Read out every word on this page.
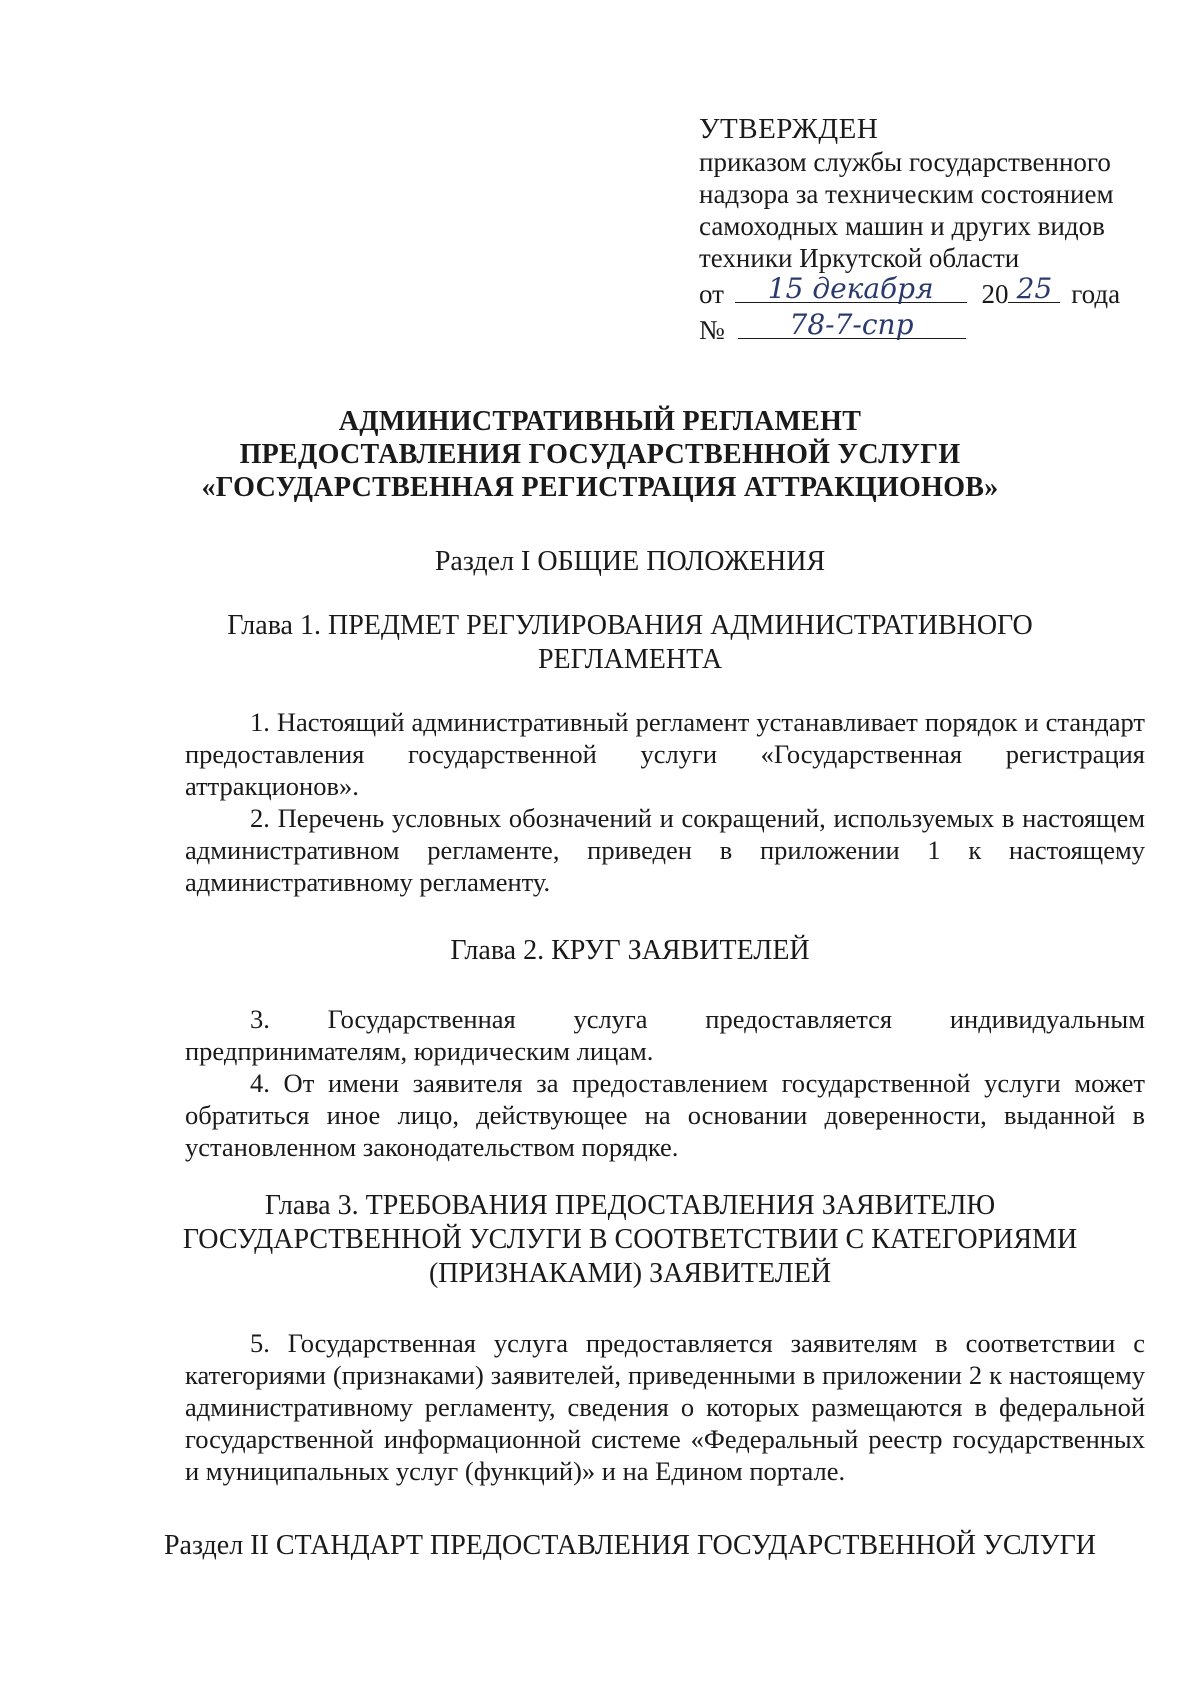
УТВЕРЖДЕН
приказом службы государственного
надзора за техническим состоянием
самоходных машин и других видов
техники Иркутской области
от	15 декабря	20 25 года
№	78-7-спр
АДМИНИСТРАТИВНЫЙ РЕГЛАМЕНТ
ПРЕДОСТАВЛЕНИЯ ГОСУДАРСТВЕННОЙ УСЛУГИ
«ГОСУДАРСТВЕННАЯ РЕГИСТРАЦИЯ АТТРАКЦИОНОВ»
Раздел I ОБЩИЕ ПОЛОЖЕНИЯ
Глава 1. ПРЕДМЕТ РЕГУЛИРОВАНИЯ АДМИНИСТРАТИВНОГО
РЕГЛАМЕНТА

1. Настоящий административный регламент устанавливает порядок и стандарт предоставления государственной услуги «Государственная регистрация аттракционов».

2. Перечень условных обозначений и сокращений, используемых в настоящем административном регламенте, приведен в приложении 1 к настоящему административному регламенту.

Глава 2. КРУГ ЗАЯВИТЕЛЕЙ

3. Государственная услуга предоставляется индивидуальным предпринимателям, юридическим лицам.

4. От имени заявителя за предоставлением государственной услуги может обратиться иное лицо, действующее на основании доверенности, выданной в установленном законодательством порядке.

Глава 3. ТРЕБОВАНИЯ ПРЕДОСТАВЛЕНИЯ ЗАЯВИТЕЛЮ
ГОСУДАРСТВЕННОЙ УСЛУГИ В СООТВЕТСТВИИ С КАТЕГОРИЯМИ
(ПРИЗНАКАМИ) ЗАЯВИТЕЛЕЙ

5. Государственная услуга предоставляется заявителям в соответствии с категориями (признаками) заявителей, приведенными в приложении 2 к настоящему административному регламенту, сведения о которых размещаются в федеральной государственной информационной системе «Федеральный реестр государственных и муниципальных услуг (функций)» и на Едином портале.

Раздел II СТАНДАРТ ПРЕДОСТАВЛЕНИЯ ГОСУДАРСТВЕННОЙ УСЛУГИ
